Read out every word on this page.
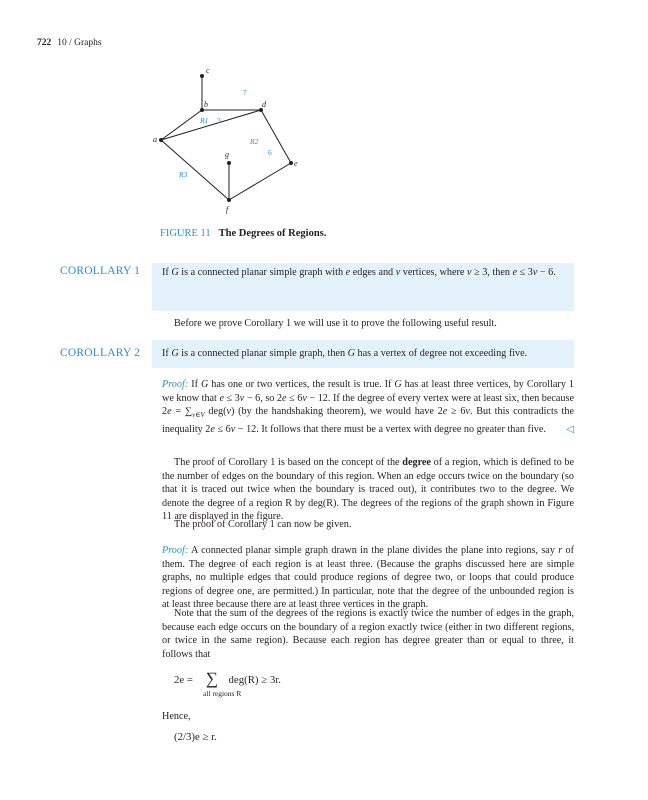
722 10 / Graphs
c
b	d
a
e
g
f
7
3
6
R1
R2
R3
FIGURE 11 The Degrees of Regions.
COROLLARY 1 If G is a connected planar simple graph with e edges and v vertices, where v ≥ 3, then e ≤ 3v − 6.
Before we prove Corollary 1 we will use it to prove the following useful result.
COROLLARY 2 If G is a connected planar simple graph, then G has a vertex of degree not exceeding five.
Proof: If G has one or two vertices, the result is true. If G has at least three vertices, by Corollary 1 we know that e ≤ 3v − 6, so 2e ≤ 6v − 12. If the degree of every vertex were at least six, then because $2e = \sum_{v\in V}$ deg(v) (by the handshaking theorem), we would have 2e ≥ 6v. But this contradicts the inequality 2e ≤ 6v − 12. It follows that there must be a vertex with degree no greater than five. ◁
The proof of Corollary 1 is based on the concept of the degree of a region, which is defined to be the number of edges on the boundary of this region. When an edge occurs twice on the boundary (so that it is traced out twice when the boundary is traced out), it contributes two to the degree. We denote the degree of a region R by deg(R). The degrees of the regions of the graph shown in Figure 11 are displayed in the figure.
The proof of Corollary 1 can now be given.
Proof: A connected planar simple graph drawn in the plane divides the plane into regions, say r of them. The degree of each region is at least three. (Because the graphs discussed here are simple graphs, no multiple edges that could produce regions of degree two, or loops that could produce regions of degree one, are permitted.) In particular, note that the degree of the unbounded region is at least three because there are at least three vertices in the graph.
Note that the sum of the degrees of the regions is exactly twice the number of edges in the graph, because each edge occurs on the boundary of a region exactly twice (either in two different regions, or twice in the same region). Because each region has degree greater than or equal to three, it follows that
2e = ∑ deg(R) ≥ 3r.
all regions R
Hence,
(2/3)e ≥ r.
